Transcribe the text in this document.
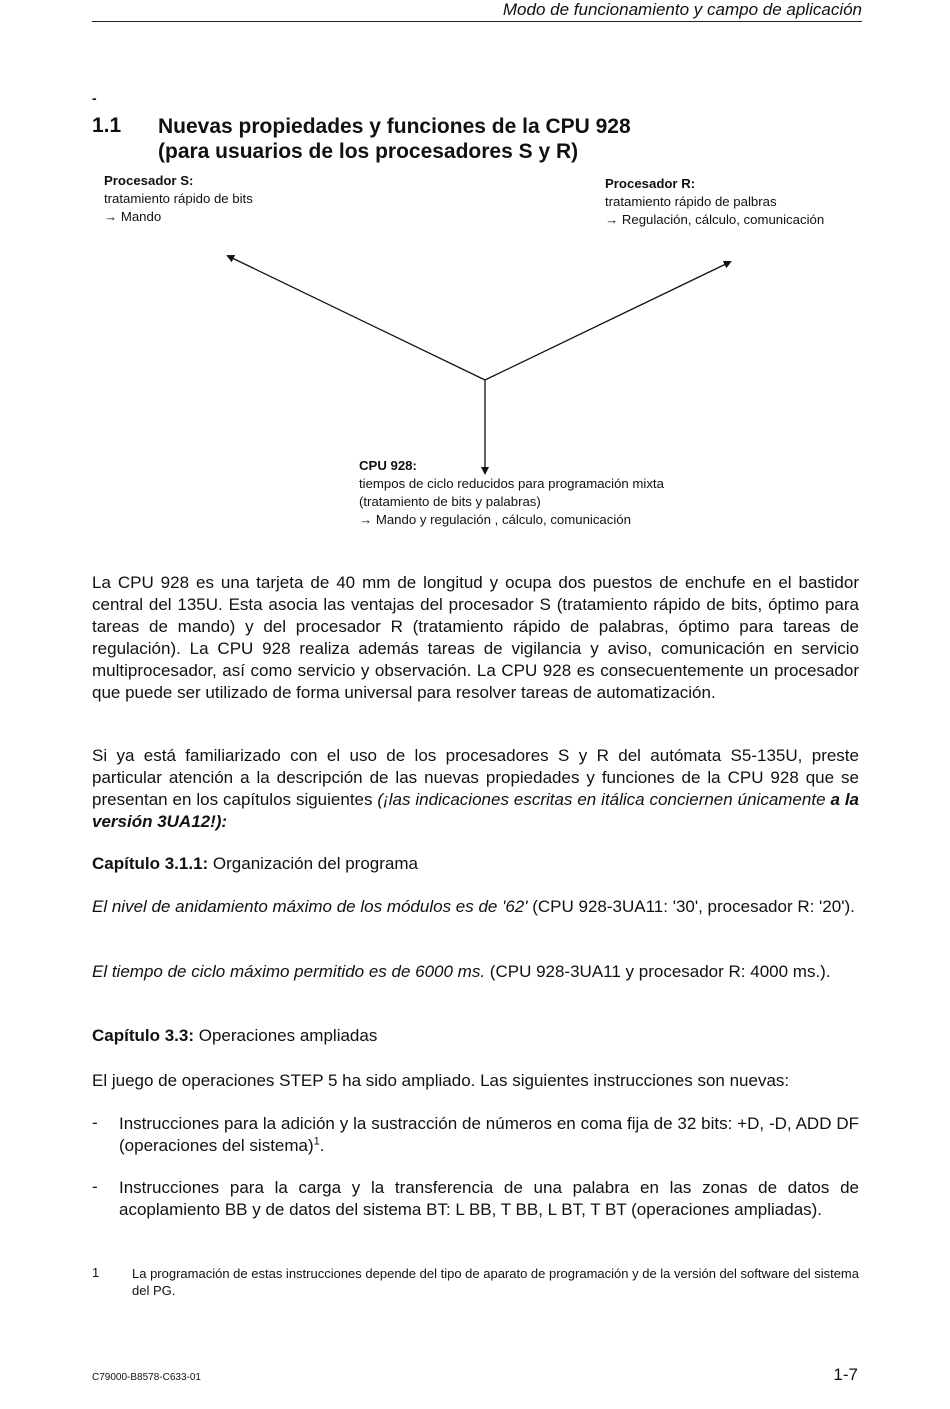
Modo de funcionamiento y campo de aplicación
-
1.1 Nuevas propiedades y funciones de la CPU 928
(para usuarios de los procesadores S y R)
Procesador S:
tratamiento rápido de bits
→ Mando
Procesador R:
tratamiento rápido de palbras
→ Regulación, cálculo, comunicación
CPU 928:
tiempos de ciclo reducidos para programación mixta
(tratamiento de bits y palabras)
→ Mando y regulación , cálculo, comunicación

La CPU 928 es una tarjeta de 40 mm de longitud y ocupa dos puestos de enchufe en el bastidor central del 135U. Esta asocia las ventajas del procesador S (tratamiento rápido de bits, óptimo para tareas de mando) y del procesador R (tratamiento rápido de palabras, óptimo para tareas de regulación). La CPU 928 realiza además tareas de vigilancia y aviso, comunicación en servicio multiprocesador, así como servicio y observación. La CPU 928 es consecuentemente un procesador que puede ser utilizado de forma universal para resolver tareas de automatización.

Si ya está familiarizado con el uso de los procesadores S y R del autómata S5-135U, preste particular atención a la descripción de las nuevas propiedades y funciones de la CPU 928 que se presentan en los capítulos siguientes (¡las indicaciones escritas en itálica conciernen únicamente a la versión 3UA12!):

Capítulo 3.1.1: Organización del programa

El nivel de anidamiento máximo de los módulos es de '62' (CPU 928-3UA11: '30', procesador R: '20').

El tiempo de ciclo máximo permitido es de 6000 ms. (CPU 928-3UA11 y procesador R: 4000 ms.).

Capítulo 3.3: Operaciones ampliadas

El juego de operaciones STEP 5 ha sido ampliado. Las siguientes instrucciones son nuevas:

- Instrucciones para la adición y la sustracción de números en coma fija de 32 bits: +D, -D, ADD DF (operaciones del sistema)$^1$.
- Instrucciones para la carga y la transferencia de una palabra en las zonas de datos de acoplamiento BB y de datos del sistema BT: L BB, T BB, L BT, T BT (operaciones ampliadas).
1	La programación de estas instrucciones depende del tipo de aparato de programación y de la versión del software del sistema del PG.
C79000-B8578-C633-01	1-7
